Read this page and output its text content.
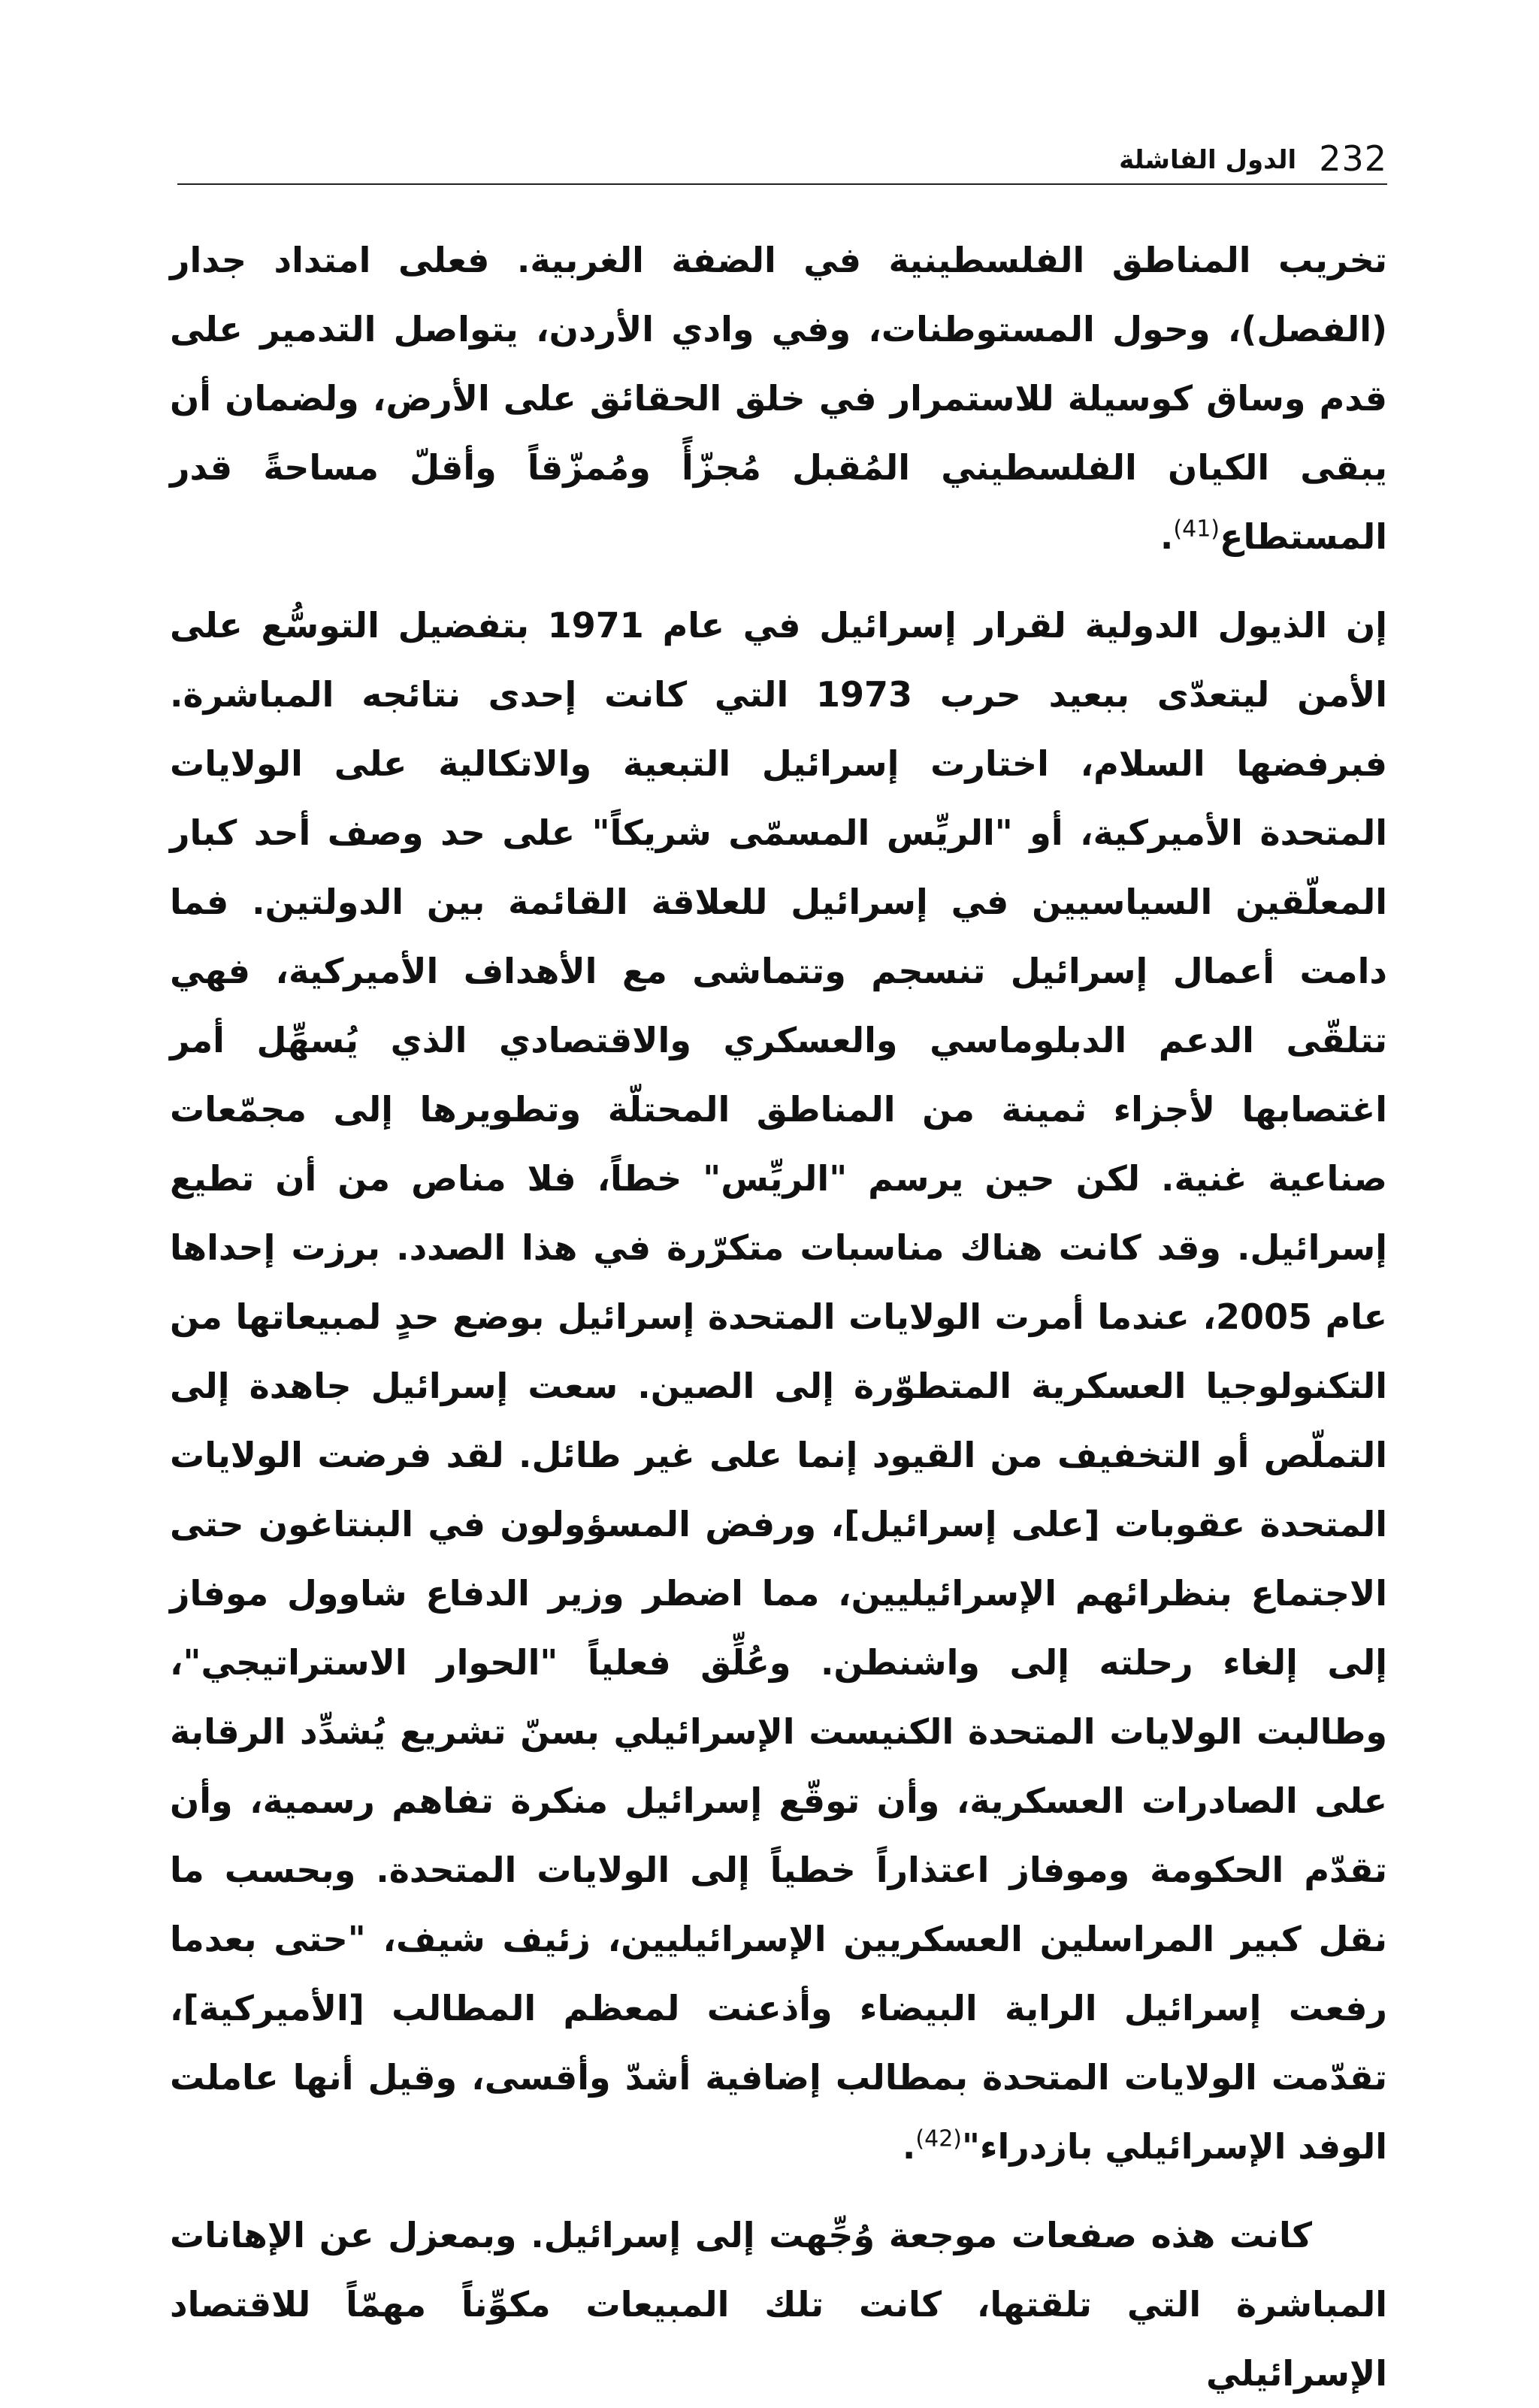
232
الدول الفاشلة

تخريب المناطق الفلسطينية في الضفة الغربية. فعلى امتداد جدار (الفصل)، وحول المستوطنات، وفي وادي الأردن، يتواصل التدمير على قدم وساق كوسيلة للاستمرار في خلق الحقائق على الأرض، ولضمان أن يبقى الكيان الفلسطيني المُقبل مُجزّأً ومُمزّقاً وأقلّ مساحةً قدر المستطاع$^{(41)}$.

إن الذيول الدولية لقرار إسرائيل في عام 1971 بتفضيل التوسُّع على الأمن ليتعدّى ببعيد حرب 1973 التي كانت إحدى نتائجه المباشرة. فبرفضها السلام، اختارت إسرائيل التبعية والاتكالية على الولايات المتحدة الأميركية، أو "الريِّس المسمّى شريكاً" على حد وصف أحد كبار المعلّقين السياسيين في إسرائيل للعلاقة القائمة بين الدولتين. فما دامت أعمال إسرائيل تنسجم وتتماشى مع الأهداف الأميركية، فهي تتلقّى الدعم الدبلوماسي والعسكري والاقتصادي الذي يُسهِّل أمر اغتصابها لأجزاء ثمينة من المناطق المحتلّة وتطويرها إلى مجمّعات صناعية غنية. لكن حين يرسم "الريِّس" خطاً، فلا مناص من أن تطيع إسرائيل. وقد كانت هناك مناسبات متكرّرة في هذا الصدد. برزت إحداها عام 2005، عندما أمرت الولايات المتحدة إسرائيل بوضع حدٍ لمبيعاتها من التكنولوجيا العسكرية المتطوّرة إلى الصين. سعت إسرائيل جاهدة إلى التملّص أو التخفيف من القيود إنما على غير طائل. لقد فرضت الولايات المتحدة عقوبات [على إسرائيل]، ورفض المسؤولون في البنتاغون حتى الاجتماع بنظرائهم الإسرائيليين، مما اضطر وزير الدفاع شاوول موفاز إلى إلغاء رحلته إلى واشنطن. وعُلِّق فعلياً "الحوار الاستراتيجي"، وطالبت الولايات المتحدة الكنيست الإسرائيلي بسنّ تشريع يُشدِّد الرقابة على الصادرات العسكرية، وأن توقّع إسرائيل منكرة تفاهم رسمية، وأن تقدّم الحكومة وموفاز اعتذاراً خطياً إلى الولايات المتحدة. وبحسب ما نقل كبير المراسلين العسكريين الإسرائيليين، زئيف شيف، "حتى بعدما رفعت إسرائيل الراية البيضاء وأذعنت لمعظم المطالب [الأميركية]، تقدّمت الولايات المتحدة بمطالب إضافية أشدّ وأقسى، وقيل أنها عاملت الوفد الإسرائيلي بازدراء"$^{(42)}$.

كانت هذه صفعات موجعة وُجِّهت إلى إسرائيل. وبمعزل عن الإهانات المباشرة التي تلقتها، كانت تلك المبيعات مكوِّناً مهمّاً للاقتصاد الإسرائيلي
